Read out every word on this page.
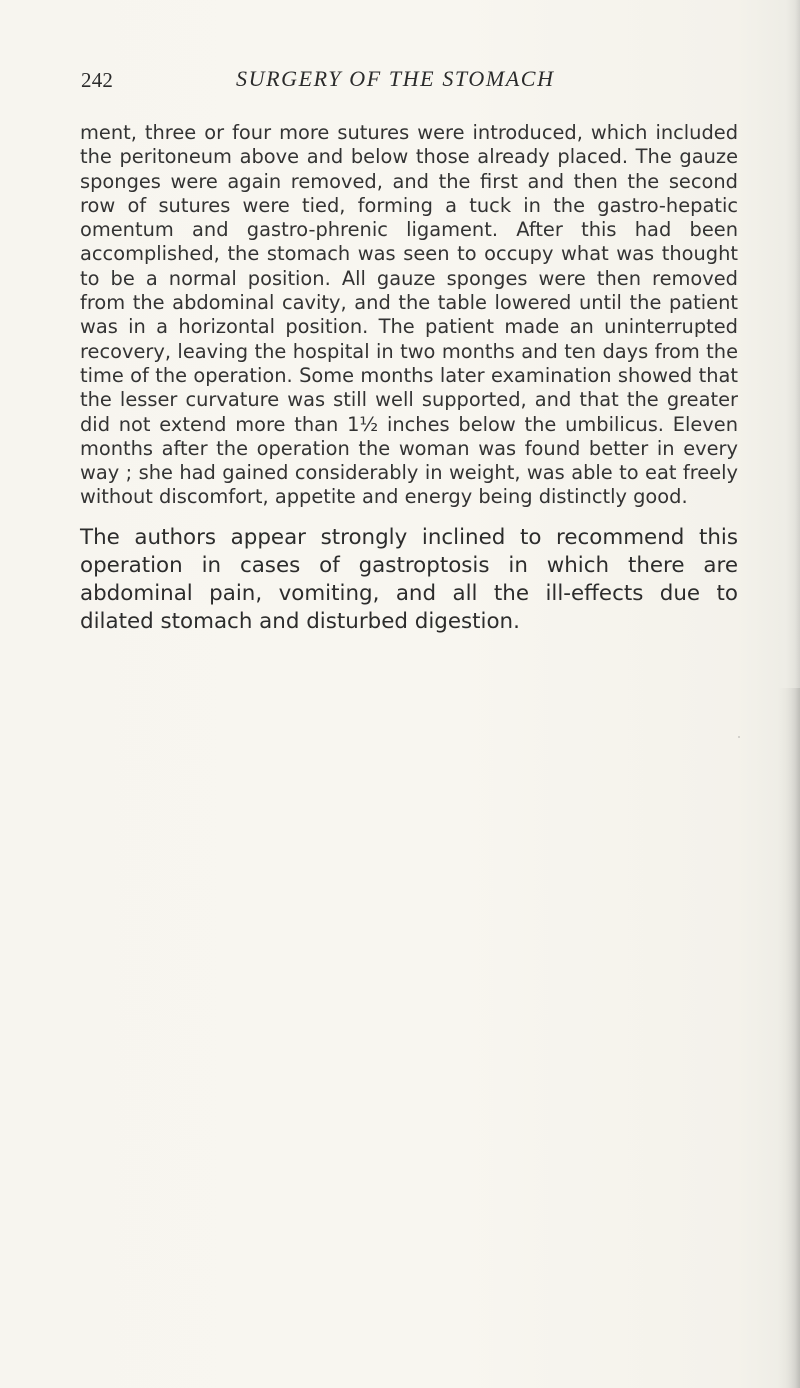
242	SURGERY OF THE STOMACH

ment, three or four more sutures were introduced, which included the peritoneum above and below those already placed. The gauze sponges were again removed, and the first and then the second row of sutures were tied, forming a tuck in the gastro-hepatic omentum and gastro-phrenic ligament. After this had been accomplished, the stomach was seen to occupy what was thought to be a normal position. All gauze sponges were then removed from the abdominal cavity, and the table lowered until the patient was in a horizontal position. The patient made an uninterrupted recovery, leaving the hospital in two months and ten days from the time of the operation. Some months later examination showed that the lesser curvature was still well supported, and that the greater did not extend more than 1½ inches below the umbilicus. Eleven months after the operation the woman was found better in every way ; she had gained considerably in weight, was able to eat freely without discomfort, appetite and energy being distinctly good.

The authors appear strongly inclined to recommend this operation in cases of gastroptosis in which there are abdominal pain, vomiting, and all the ill-effects due to dilated stomach and disturbed digestion.
